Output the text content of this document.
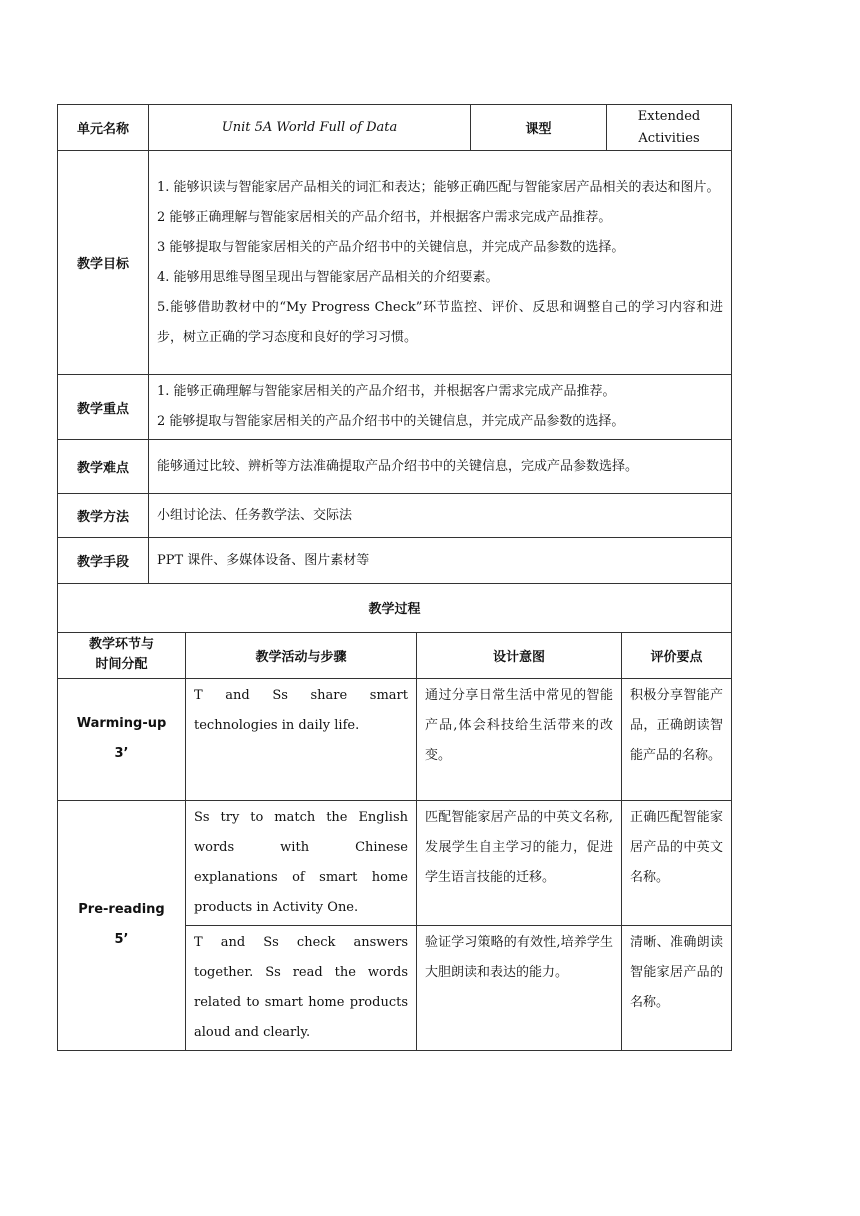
单元名称	Unit 5A World Full of Data	课型	Extended
Activities

教学目标	1. 能够识读与智能家居产品相关的词汇和表达；能够正确匹配与智能家居产品相关的表达和图片。
2 能够正确理解与智能家居相关的产品介绍书，并根据客户需求完成产品推荐。
3 能够提取与智能家居相关的产品介绍书中的关键信息，并完成产品参数的选择。
4. 能够用思维导图呈现出与智能家居产品相关的介绍要素。
5.能够借助教材中的“My Progress Check”环节监控、评价、反思和调整自己的学习内容和进步，树立正确的学习态度和良好的学习习惯。		

教学重点	1. 能够正确理解与智能家居相关的产品介绍书，并根据客户需求完成产品推荐。
2 能够提取与智能家居相关的产品介绍书中的关键信息，并完成产品参数的选择。		

教学难点	能够通过比较、辨析等方法准确提取产品介绍书中的关键信息，完成产品参数选择。		
教学方法	小组讨论法、任务教学法、交际法		
教学手段	PPT 课件、多媒体设备、图片素材等		
教学过程			

教学环节与
时间分配	教学活动与步骤	设计意图	评价要点

Warming-up
3’	T and Ss share smart technologies in daily life.	通过分享日常生活中常见的智能产品,体会科技给生活带来的改变。	积极分享智能产品，正确朗读智能产品的名称。

Pre-reading
5’	Ss try to match the English words with Chinese explanations of smart home products in Activity One.	匹配智能家居产品的中英文名称,发展学生自主学习的能力，促进学生语言技能的迁移。	正确匹配智能家居产品的中英文名称。
	T and Ss check answers together. Ss read the words related to smart home products aloud and clearly.	验证学习策略的有效性,培养学生大胆朗读和表达的能力。	清晰、准确朗读智能家居产品的名称。
